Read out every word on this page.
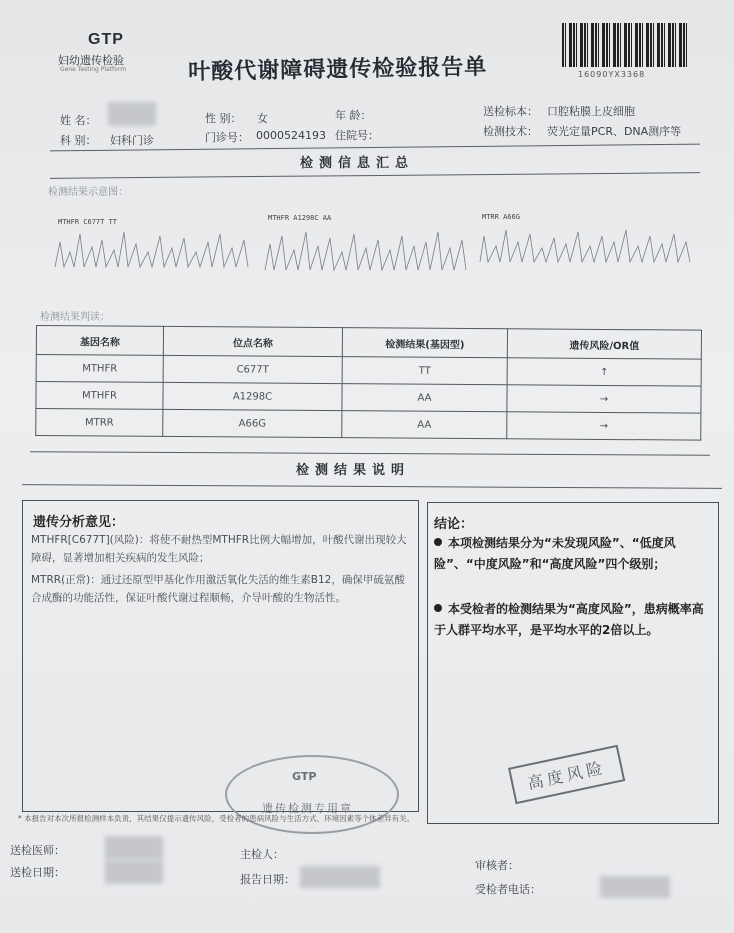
GTP
妇幼遗传检验
Gene Testing Platform	叶酸代谢障碍遗传检验报告单	16090YX3368
姓 名：
科 别： 妇科门诊
性 别： 女
门诊号： 0000524193
年 龄：
住院号：
送检标本： 口腔粘膜上皮细胞
检测技术： 荧光定量PCR、DNA测序等
检测信息汇总
检测结果示意图：
MTHFR C677T TT	MTHFR A1298C AA	MTRR A66G
检测结果判读：
基因名称	位点名称	检测结果(基因型)	遗传风险/OR值
MTHFR	C677T	TT	↑
MTHFR	A1298C	AA	→
MTRR	A66G	AA	→
检测结果说明
遗传分析意见：
MTHFR[C677T](风险)：将使不耐热型MTHFR比例大幅增加，叶酸代谢出现较大障碍，显著增加相关疾病的发生风险；
MTRR(正常)：通过还原型甲基化作用激活氧化失活的维生素B12，确保甲硫氨酸合成酶的功能活性，保证叶酸代谢过程顺畅，介导叶酸的生物活性。
结论：
本项检测结果分为“未发现风险”、“低度风险”、“中度风险”和“高度风险”四个级别；
本受检者的检测结果为“高度风险”，患病概率高于人群平均水平，是平均水平的2倍以上。
高度风险
GTP
遗传检测专用章
* 本报告对本次所报检测样本负责，其结果仅提示遗传风险，受检者的患病风险与生活方式、环境因素等个体差异有关。
送检医师：
送检日期：
主检人：
报告日期：
审核者：
受检者电话：
